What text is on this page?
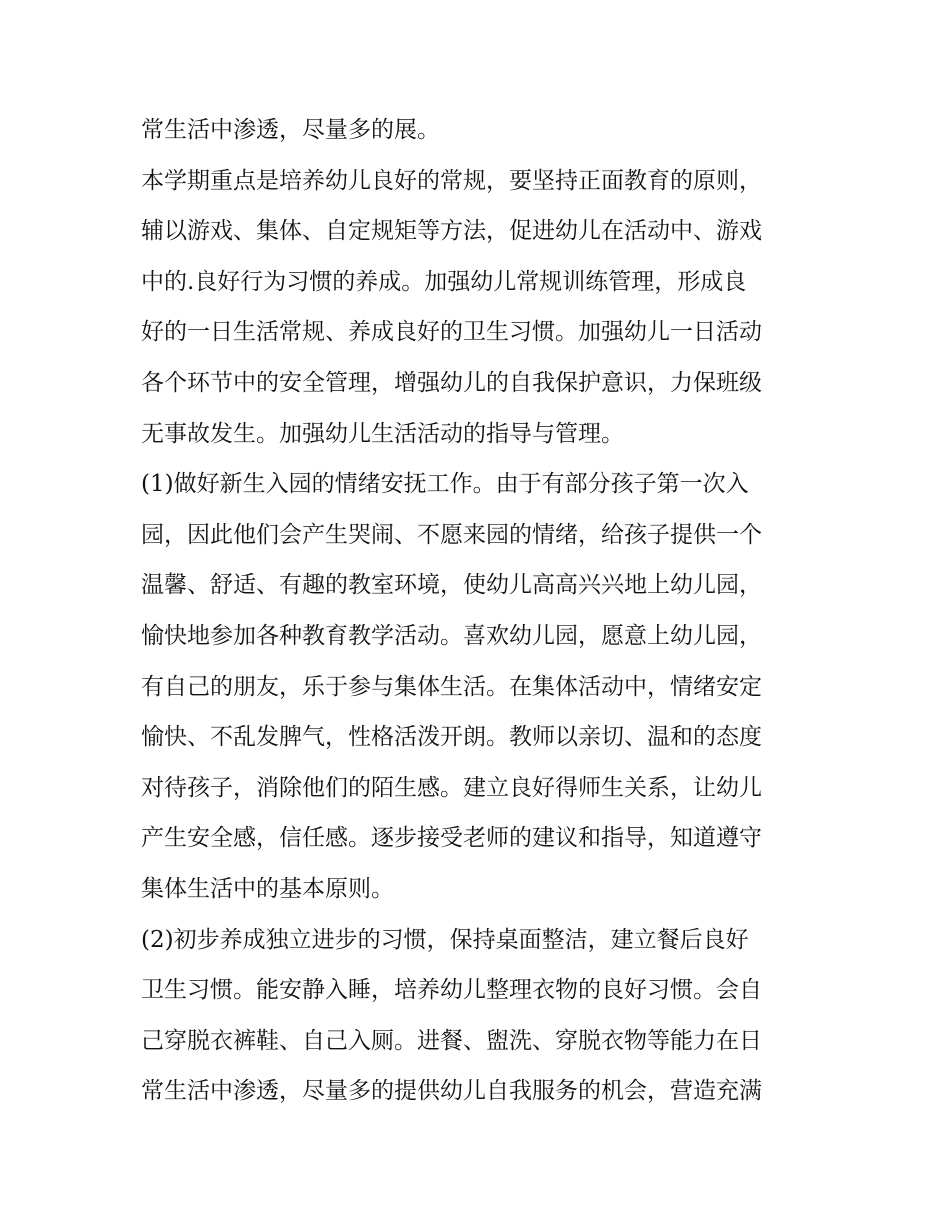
常生活中渗透，尽量多的展。
本学期重点是培养幼儿良好的常规，要坚持正面教育的原则，
辅以游戏、集体、自定规矩等方法，促进幼儿在活动中、游戏
中的.良好行为习惯的养成。加强幼儿常规训练管理，形成良
好的一日生活常规、养成良好的卫生习惯。加强幼儿一日活动
各个环节中的安全管理，增强幼儿的自我保护意识，力保班级
无事故发生。加强幼儿生活活动的指导与管理。
(1)做好新生入园的情绪安抚工作。由于有部分孩子第一次入
园，因此他们会产生哭闹、不愿来园的情绪，给孩子提供一个
温馨、舒适、有趣的教室环境，使幼儿高高兴兴地上幼儿园，
愉快地参加各种教育教学活动。喜欢幼儿园，愿意上幼儿园，
有自己的朋友，乐于参与集体生活。在集体活动中，情绪安定
愉快、不乱发脾气，性格活泼开朗。教师以亲切、温和的态度
对待孩子，消除他们的陌生感。建立良好得师生关系，让幼儿
产生安全感，信任感。逐步接受老师的建议和指导，知道遵守
集体生活中的基本原则。
(2)初步养成独立进步的习惯，保持桌面整洁，建立餐后良好
卫生习惯。能安静入睡，培养幼儿整理衣物的良好习惯。会自
己穿脱衣裤鞋、自己入厕。进餐、盥洗、穿脱衣物等能力在日
常生活中渗透，尽量多的提供幼儿自我服务的机会，营造充满
